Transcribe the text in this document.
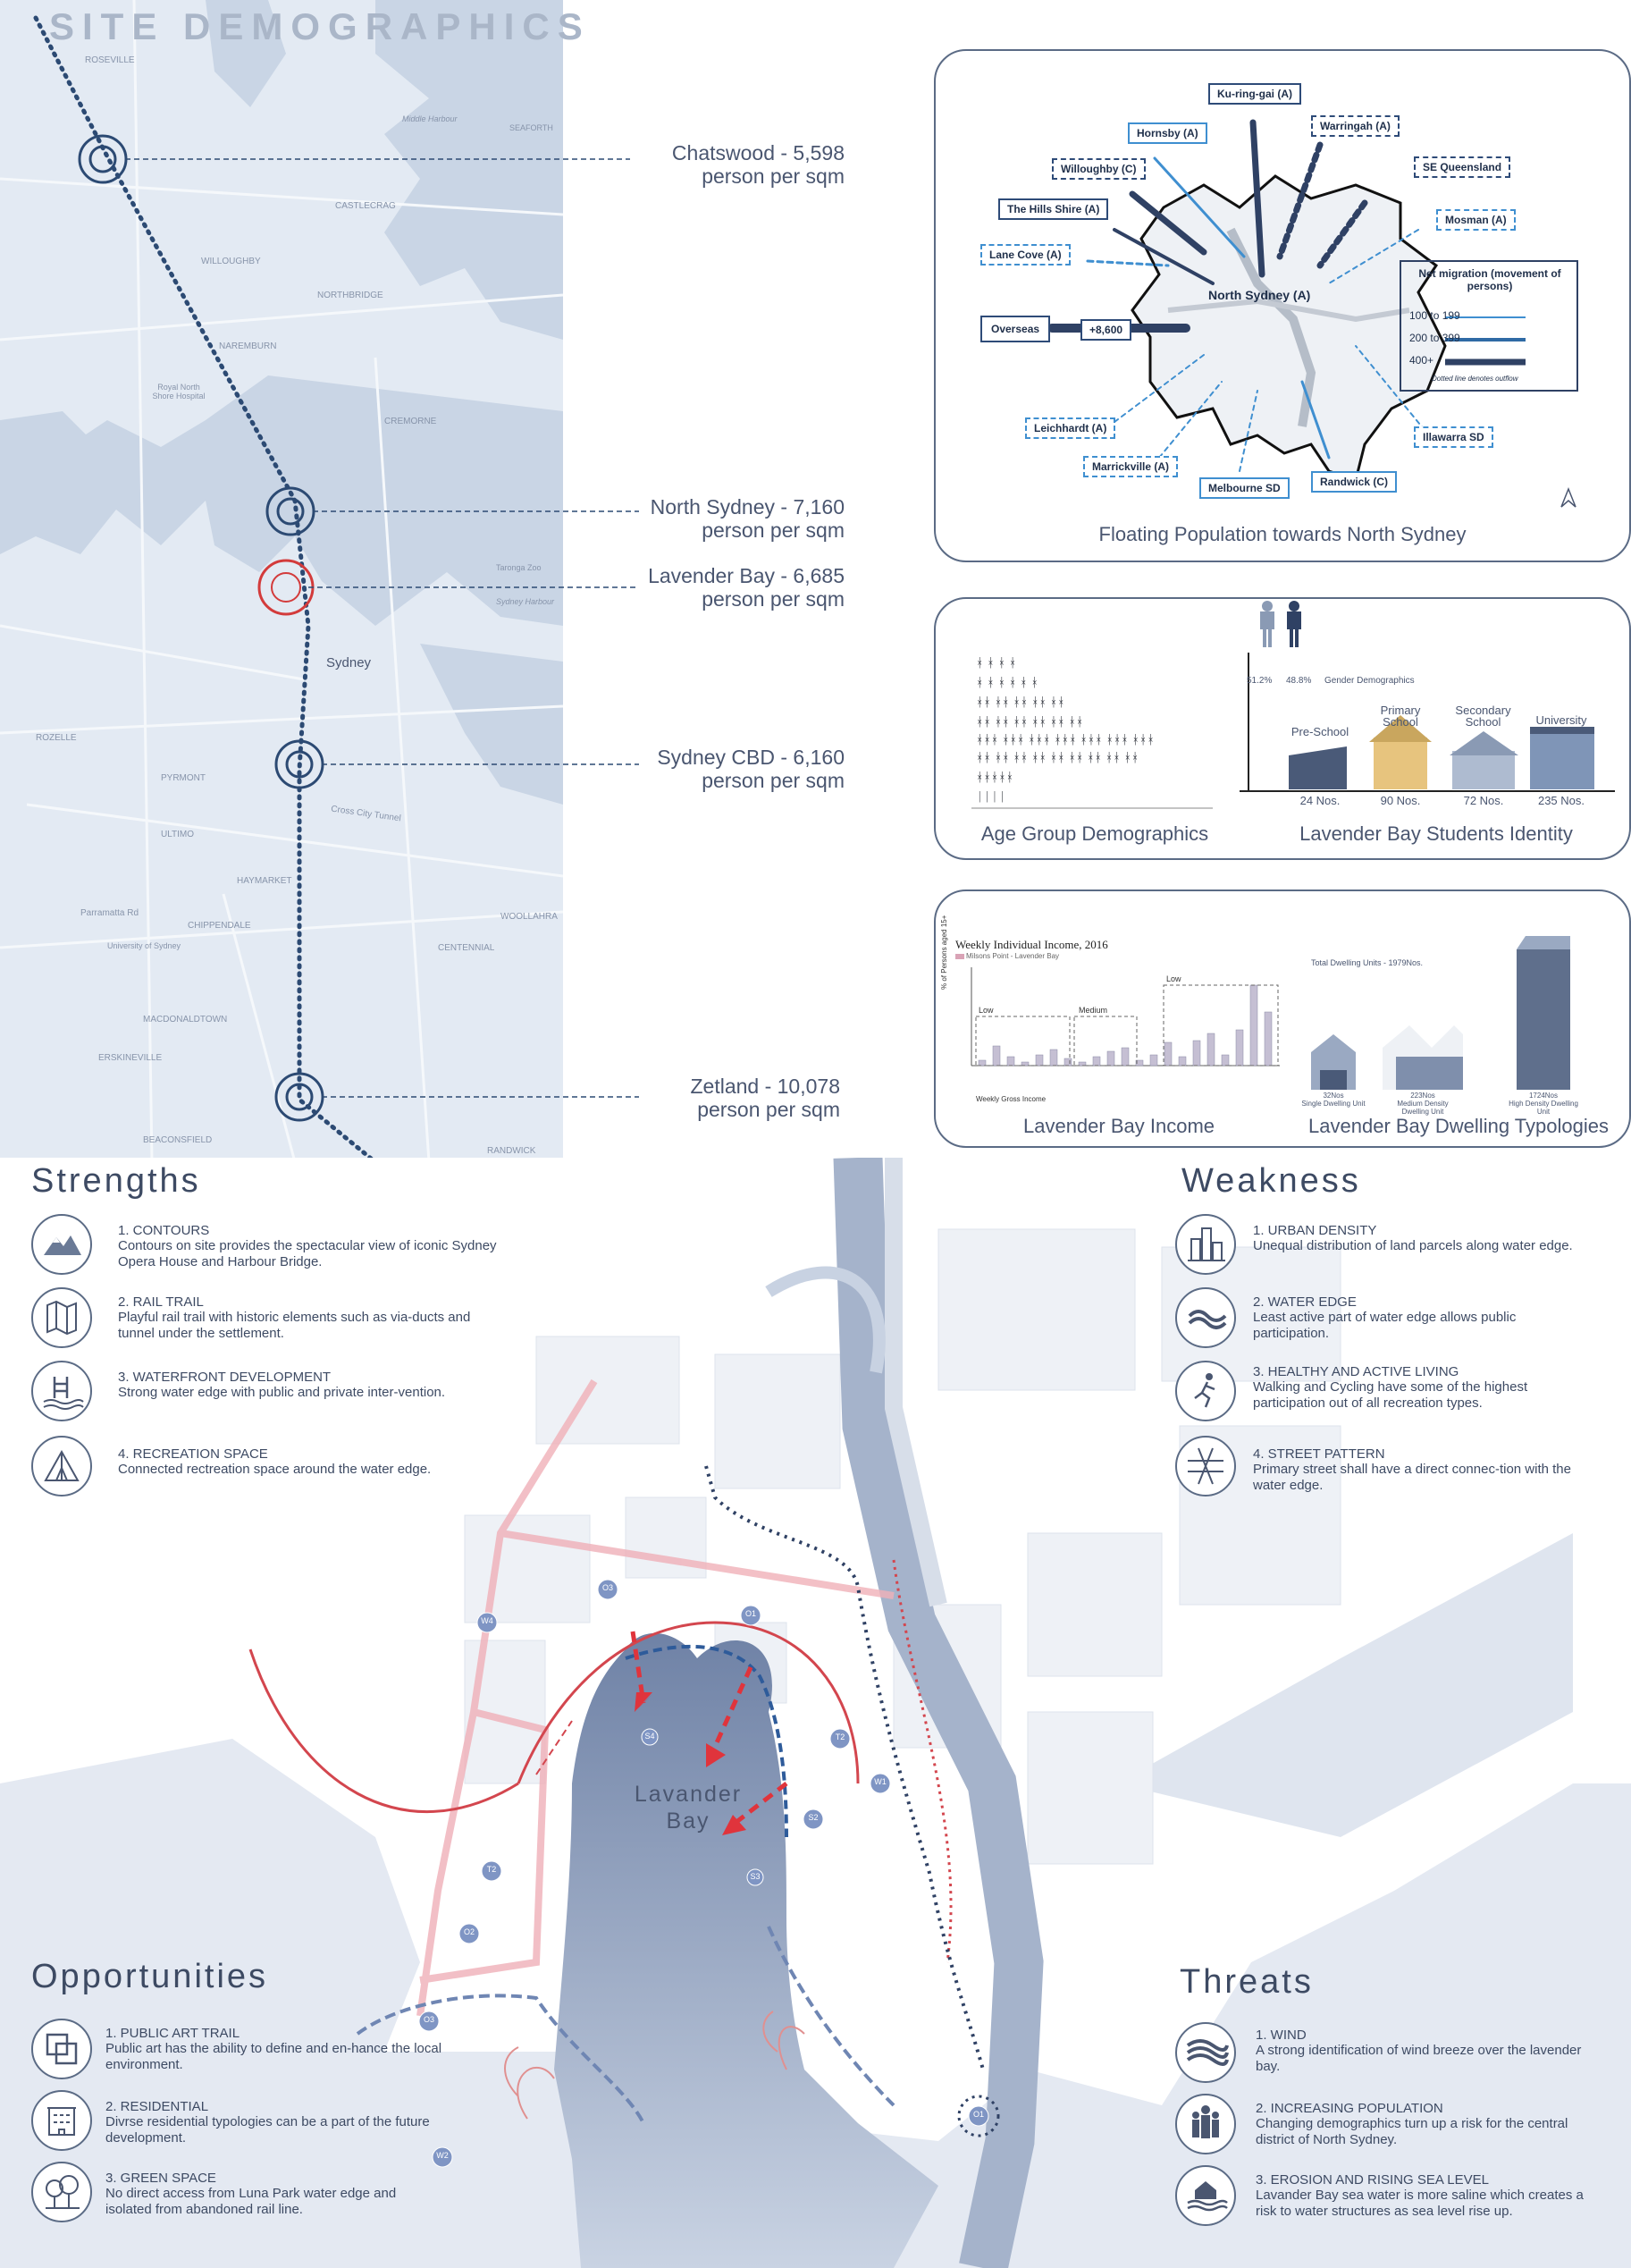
Sydney
ROSEVILLE
CASTLECRAG
WILLOUGHBY
NORTHBRIDGE
NAREMBURN
CREMORNE
Middle Harbour
SEAFORTH
Royal North Shore Hospital
Taronga Zoo
Sydney Harbour
ROZELLE
PYRMONT
Cross City Tunnel
ULTIMO
HAYMARKET
Parramatta Rd
CHIPPENDALE
University of Sydney
WOOLLAHRA
CENTENNIAL
MACDONALDTOWN
ERSKINEVILLE
BEACONSFIELD
RANDWICK
SITE DEMOGRAPHICS
Chatswood - 5,598
person per sqm
North Sydney - 7,160
person per sqm
Lavender Bay - 6,685
person per sqm
Sydney CBD - 6,160
person per sqm
Zetland - 10,078
person per sqm
Ku-ring-gai (A)
Hornsby (A)
Warringah (A)
Willoughby (C)	SE Queensland
The Hills Shire (A)
Mosman (A)
Lane Cove (A)
North Sydney (A)
Overseas	+8,600
Leichhardt (A)
Illawarra SD
Marrickville (A)
Randwick (C)
Melbourne SD
Net migration (movement of persons)
100 to 199
200 to 399
400+
Dotted line denotes outflow
Floating Population towards North Sydney
ᚼ ᚼ ᚼ ᚼ
ᚼ ᚼ ᚼ ᚼ ᚼ ᚼ
ᚼᚼ ᚼᚼ ᚼᚼ ᚼᚼ ᚼᚼ
ᚼᚼ ᚼᚼ ᚼᚼ ᚼᚼ ᚼᚼ ᚼᚼ
ᚼᚼᚼ ᚼᚼᚼ ᚼᚼᚼ ᚼᚼᚼ ᚼᚼᚼ ᚼᚼᚼ ᚼᚼᚼ
ᚼᚼ ᚼᚼ ᚼᚼ ᚼᚼ ᚼᚼ ᚼᚼ ᚼᚼ ᚼᚼ ᚼᚼ
ᚼᚼᚼᚼᚼ
ᛁᛁᛁᛁ
51.2% 48.8% Gender Demographics
Pre-School
Primary School
Secondary School	University
24 Nos.	90 Nos.	72 Nos.	235 Nos.
Age Group Demographics	Lavender Bay Students Identity
Weekly Individual Income, 2016
Milsons Point - Lavender Bay
% of Persons aged 15+
Weekly Gross Income
Low	Medium
Low
Total Dwelling Units - 1979Nos.
32Nos
Single Dwelling Unit
223Nos
Medium Density Dwelling Unit
1724Nos
High Density Dwelling Unit
Lavender Bay Income	Lavender Bay Dwelling Typologies
Lavander
Bay
O3
O1
W4
S4	T2
W1
S2
S3
T2
O2
O3
W2
O1
Strengths
1. CONTOURS
Contours on site provides the spectacular view of iconic Sydney Opera House and Harbour Bridge.
2. RAIL TRAIL
Playful rail trail with historic elements such as via-ducts and tunnel under the settlement.
3. WATERFRONT DEVELOPMENT
Strong water edge with public and private inter-vention.
4. RECREATION SPACE
Connected rectreation space around the water edge.
Weakness
1. URBAN DENSITY
Unequal distribution of land parcels along water edge.
2. WATER EDGE
Least active part of water edge allows public participation.
3. HEALTHY AND ACTIVE LIVING
Walking and Cycling have some of the highest participation out of all recreation types.
4. STREET PATTERN
Primary street shall have a direct connec-tion with the water edge.
Opportunities
1. PUBLIC ART TRAIL
Public art has the ability to define and en-hance the local environment.
2. RESIDENTIAL
Divrse residential typologies can be a part of the future development.
3. GREEN SPACE
No direct access from Luna Park water edge and isolated from abandoned rail line.
Threats
1. WIND
A strong identification of wind breeze over the lavender bay.
2. INCREASING POPULATION
Changing demographics turn up a risk for the central district of North Sydney.
3. EROSION AND RISING SEA LEVEL
Lavander Bay sea water is more saline which creates a risk to water structures as sea level rise up.
